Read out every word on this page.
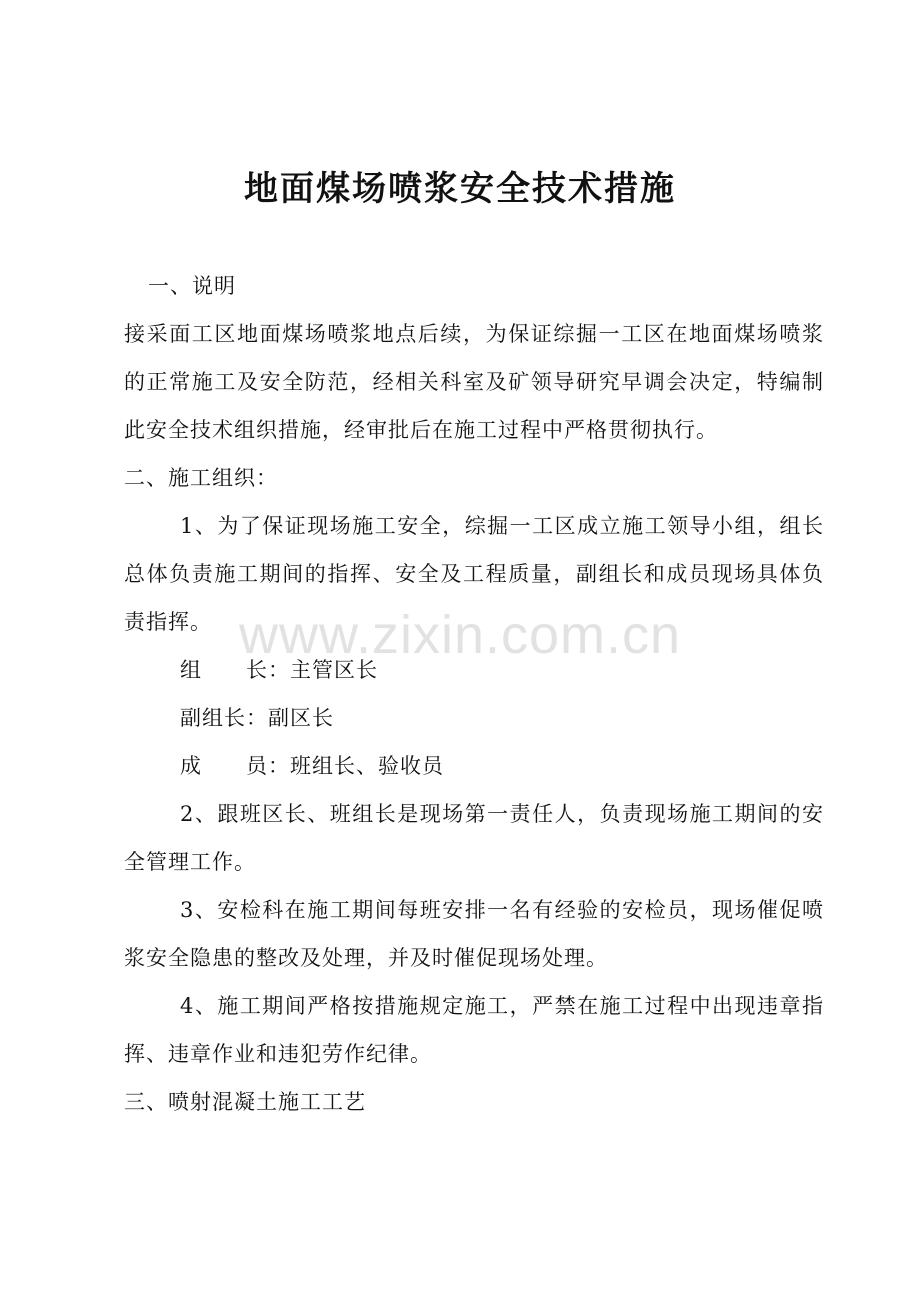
地面煤场喷浆安全技术措施

一、说明

接采面工区地面煤场喷浆地点后续，为保证综掘一工区在地面煤场喷浆的正常施工及安全防范，经相关科室及矿领导研究早调会决定，特编制此安全技术组织措施，经审批后在施工过程中严格贯彻执行。

二、施工组织：

1、为了保证现场施工安全，综掘一工区成立施工领导小组，组长总体负责施工期间的指挥、安全及工程质量，副组长和成员现场具体负责指挥。

组　　长：主管区长

副组长：副区长

成　　员：班组长、验收员

2、跟班区长、班组长是现场第一责任人，负责现场施工期间的安全管理工作。

3、安检科在施工期间每班安排一名有经验的安检员，现场催促喷浆安全隐患的整改及处理，并及时催促现场处理。

4、施工期间严格按措施规定施工，严禁在施工过程中出现违章指挥、违章作业和违犯劳作纪律。

三、喷射混凝土施工工艺

www.zixin.com.cn
